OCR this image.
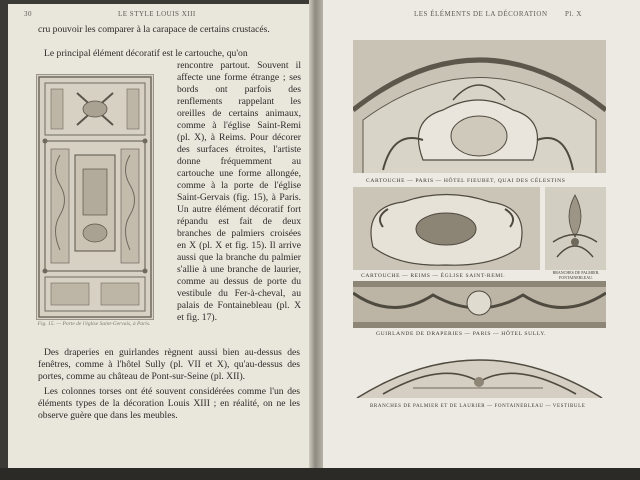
30	LE STYLE LOUIS XIII	LES ÉLÉMENTS DE LA DÉCORATION	Pl. X
cru pouvoir les comparer à la carapace de certains crustacés.
Le principal élément décoratif est le cartouche, qu'on
rencontre partout. Souvent il affecte une forme étrange ; ses bords ont parfois des renflements rappelant les oreilles de certains animaux, comme à l'église Saint-Remi (pl. X), à Reims. Pour décorer des surfaces étroites, l'artiste donne fréquemment au cartouche une forme allongée, comme à la porte de l'église Saint-Gervais (fig. 15), à Paris. Un autre élément décoratif fort répandu est fait de deux branches de palmiers croisées en X (pl. X et fig. 15). Il arrive aussi que la branche du palmier s'allie à une branche de laurier, comme au dessus de porte du vestibule du Fer-à-cheval, au palais de Fontainebleau (pl. X et fig. 17).
Des draperies en guirlandes règnent aussi bien au-dessus des fenêtres, comme à l'hôtel Sully (pl. VII et X), qu'au-dessus des portes, comme au château de Pont-sur-Seine (pl. XII).
Les colonnes torses ont été souvent considérées comme l'un des éléments types de la décoration Louis XIII ; en réalité, on ne les observe guère que dans les meubles.
Fig. 15. — Porte de l'église Saint-Gervais, à Paris.
CARTOUCHE — PARIS — HÔTEL FIEUBET, QUAI DES CÉLESTINS
CARTOUCHE — REIMS — ÉGLISE SAINT-REMI.
BRANCHES DE PALMIER. FONTAINEBLEAU.
GUIRLANDE DE DRAPERIES — PARIS — HÔTEL SULLY.
BRANCHES DE PALMIER ET DE LAURIER — FONTAINEBLEAU — VESTIBULE
